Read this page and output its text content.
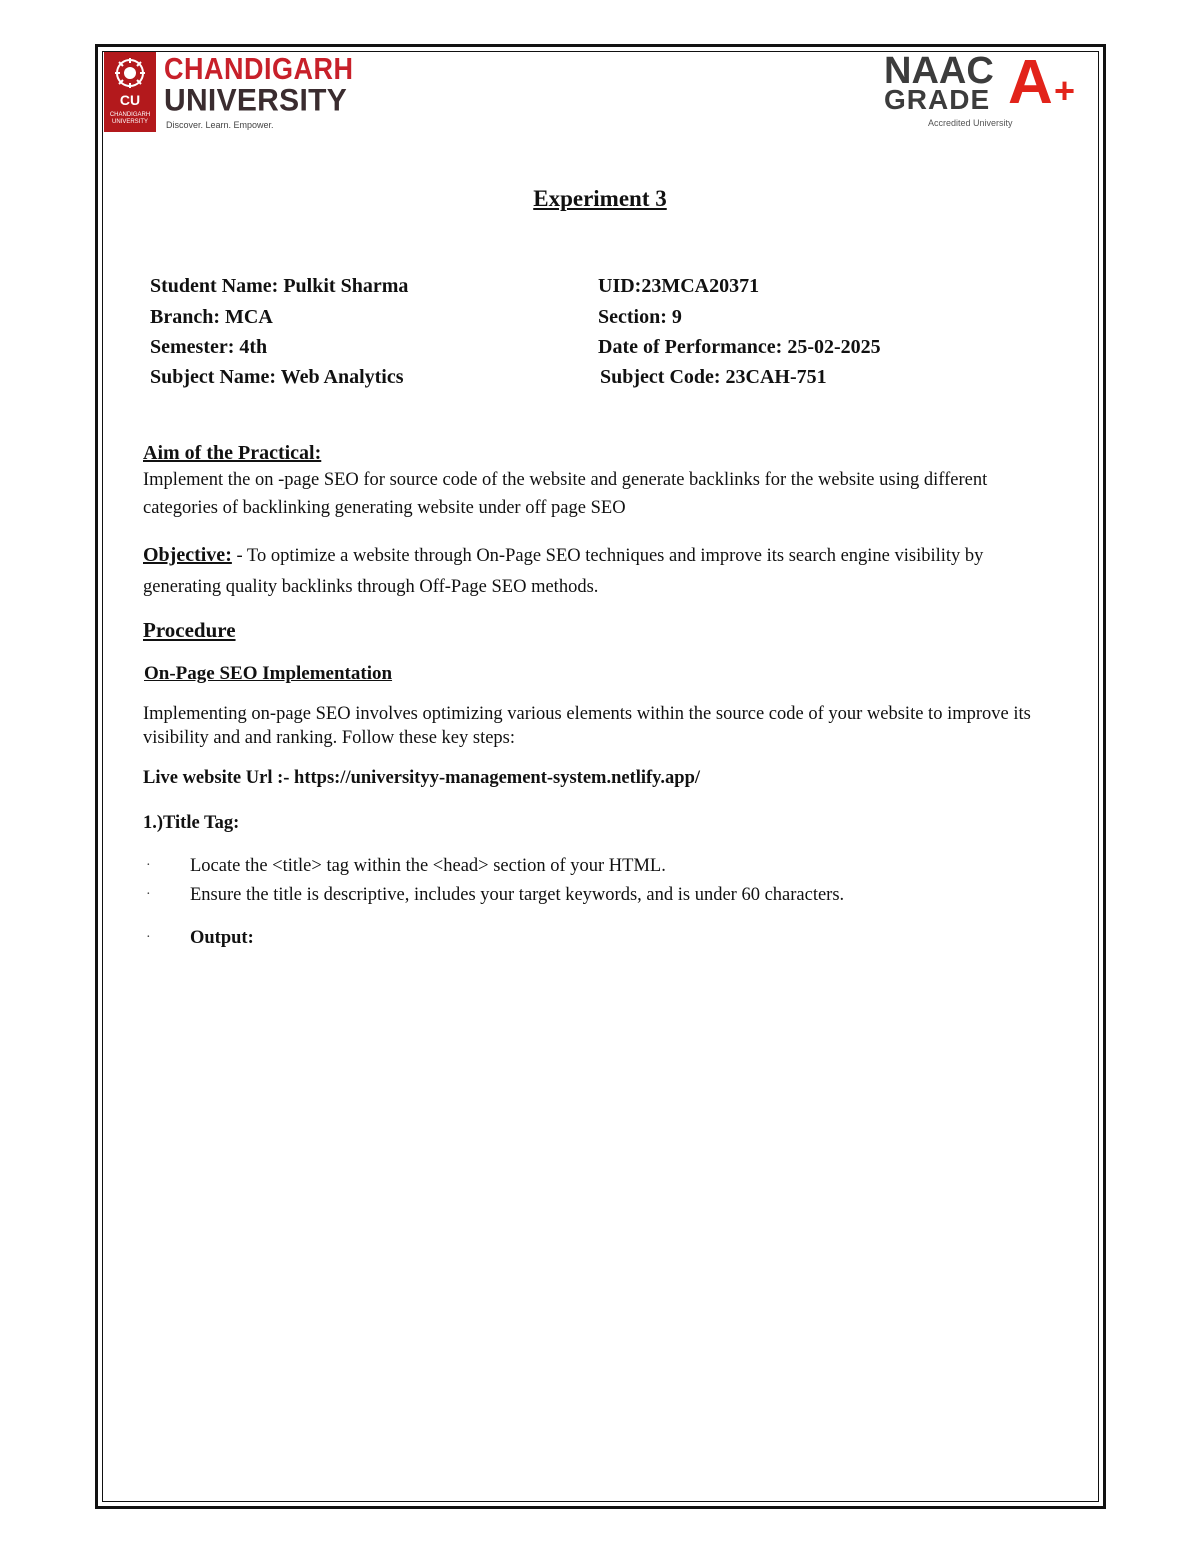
CU
CHANDIGARH UNIVERSITY
CHANDIGARH
UNIVERSITY
Discover. Learn. Empower.
NAAC
GRADE A +
Accredited University
Experiment 3
Student Name: Pulkit Sharma	UID:23MCA20371
Branch: MCA	Section: 9
Semester: 4th	Date of Performance: 25-02-2025
Subject Name: Web Analytics	Subject Code: 23CAH-751
Aim of the Practical:
Implement the on -page SEO for source code of the website and generate backlinks for the website using different categories of backlinking generating website under off page SEO
Objective: - To optimize a website through On-Page SEO techniques and improve its search engine visibility by generating quality backlinks through Off-Page SEO methods.
Procedure
On-Page SEO Implementation
Implementing on-page SEO involves optimizing various elements within the source code of your website to improve its visibility and and ranking. Follow these key steps:
Live website Url :- https://universityy-management-system.netlify.app/
1.)Title Tag:
· Locate the <title> tag within the <head> section of your HTML.
· Ensure the title is descriptive, includes your target keywords, and is under 60 characters.
· Output:
